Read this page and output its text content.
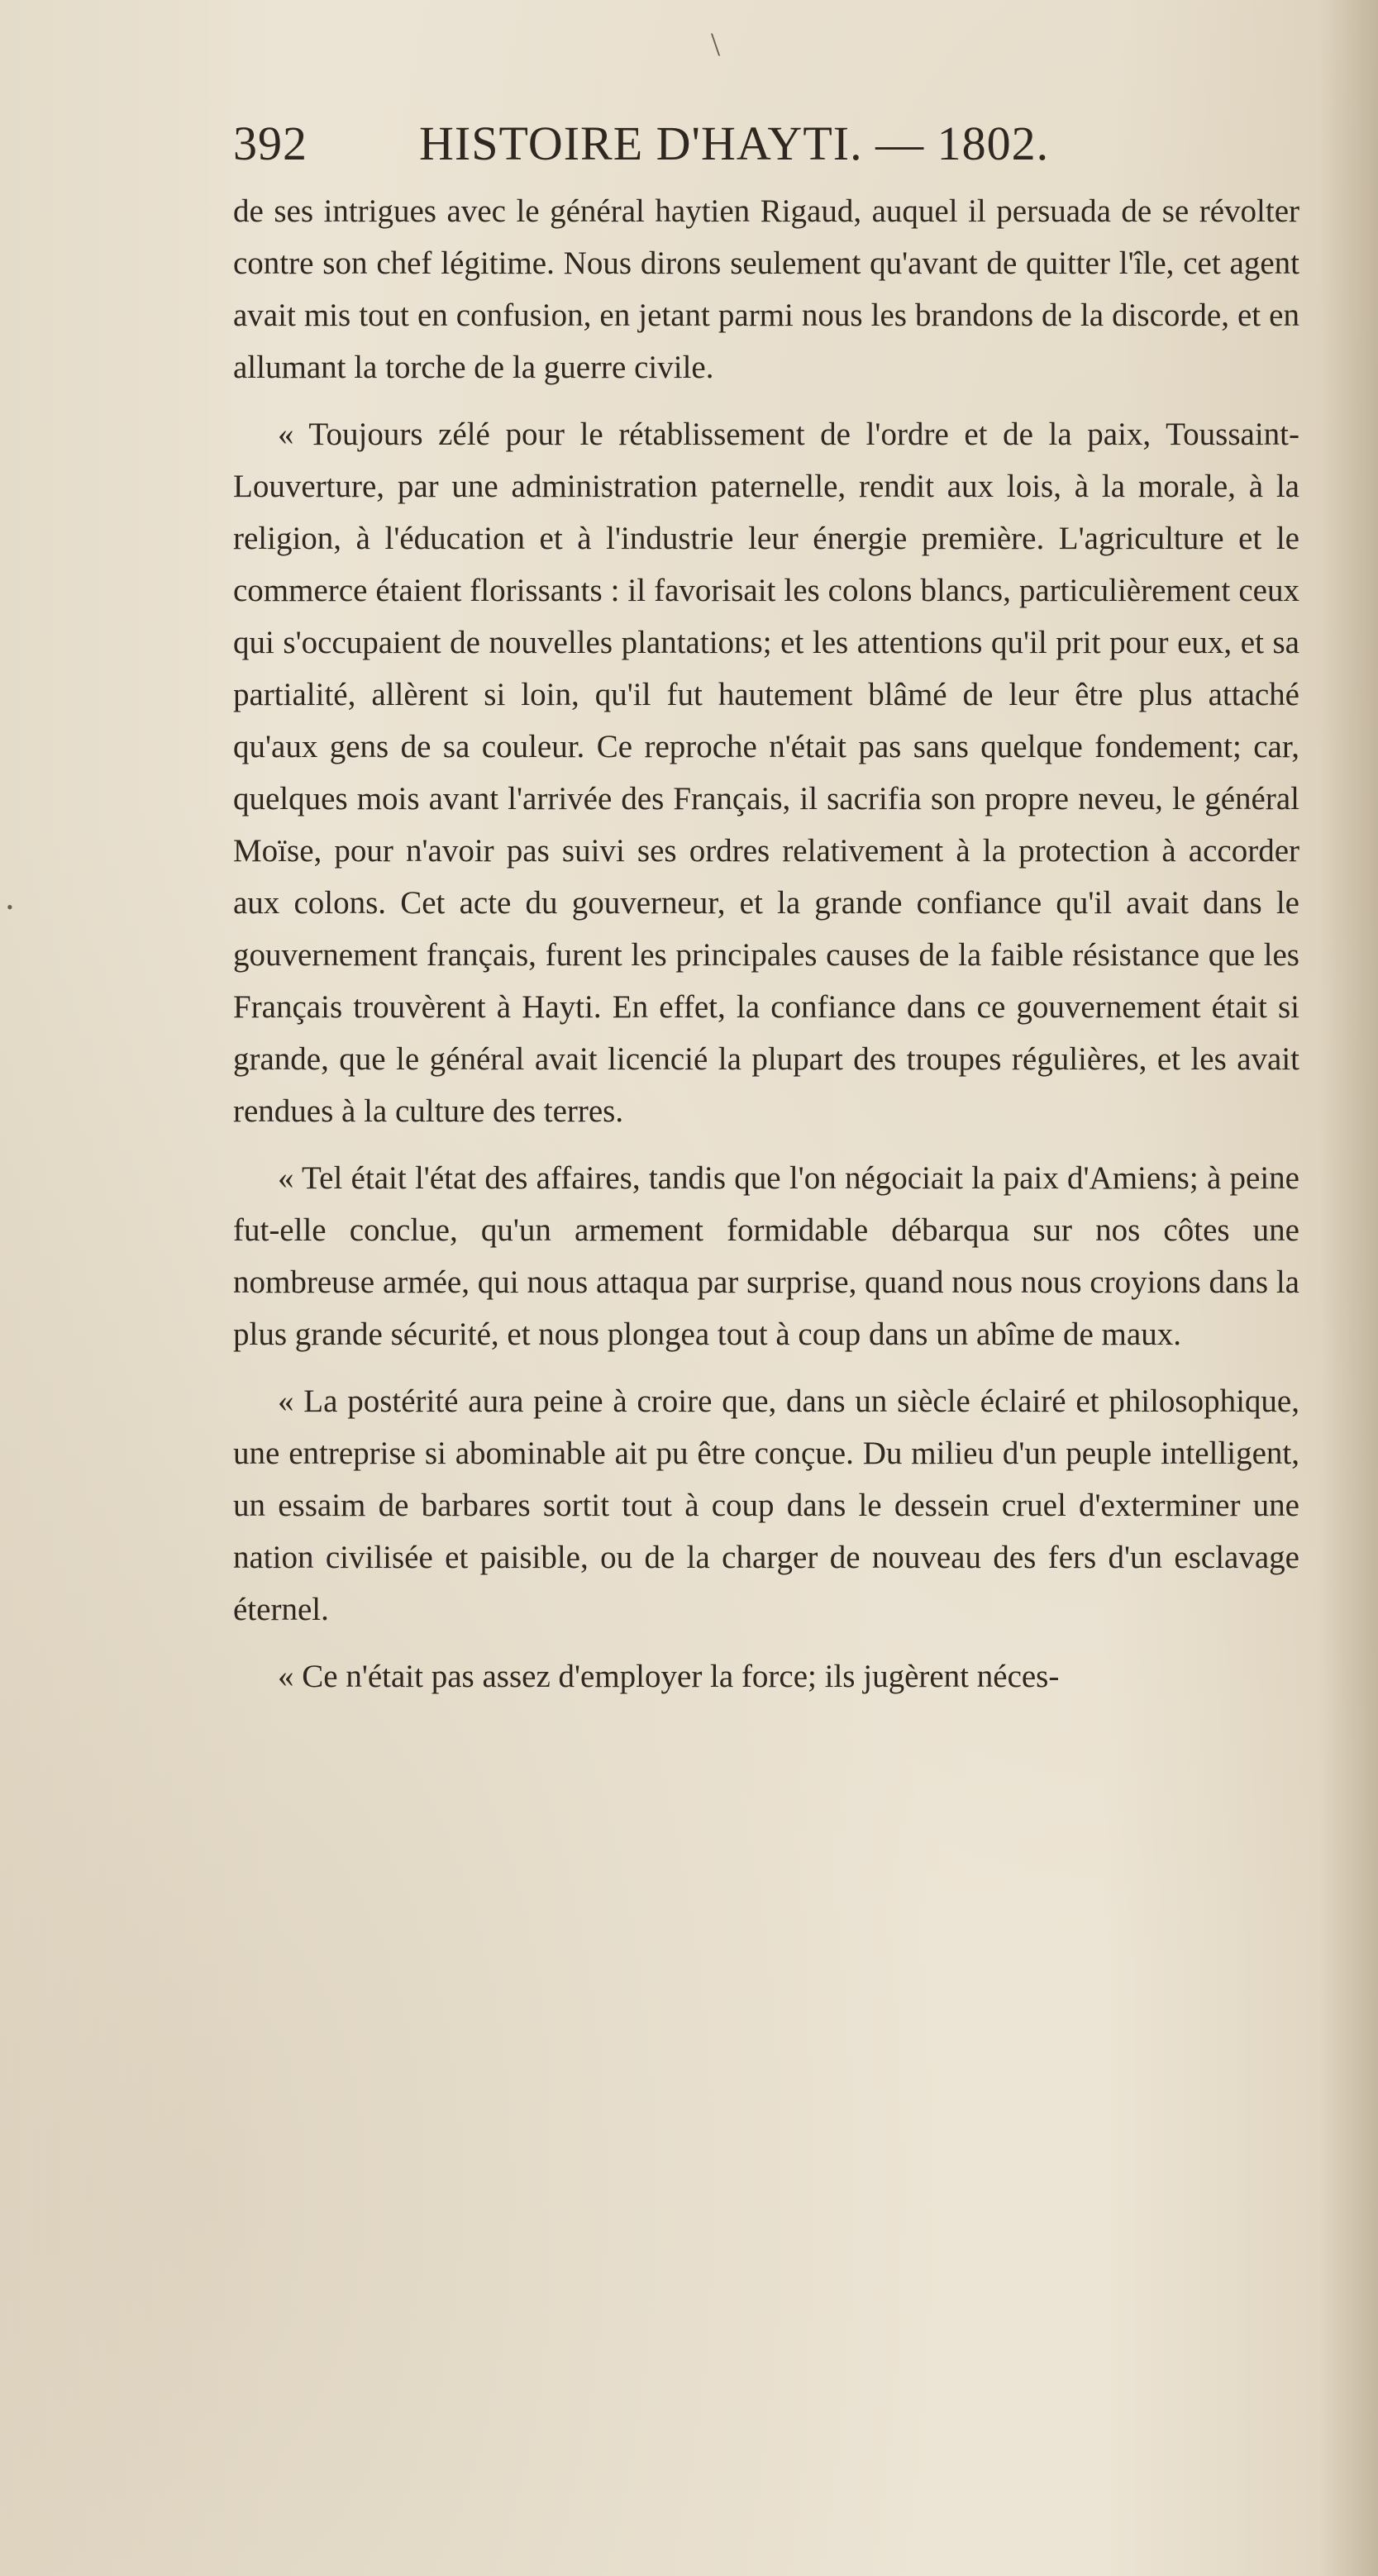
\
•
392 HISTOIRE D'HAYTI. — 1802.

de ses intrigues avec le général haytien Rigaud, auquel il persuada de se révolter contre son chef légitime. Nous dirons seulement qu'avant de quitter l'île, cet agent avait mis tout en confusion, en jetant parmi nous les brandons de la discorde, et en allumant la torche de la guerre civile.

« Toujours zélé pour le rétablissement de l'ordre et de la paix, Toussaint-Louverture, par une administration paternelle, rendit aux lois, à la morale, à la religion, à l'éducation et à l'industrie leur énergie première. L'agriculture et le commerce étaient florissants : il favorisait les colons blancs, particulièrement ceux qui s'occupaient de nouvelles plantations; et les attentions qu'il prit pour eux, et sa partialité, allèrent si loin, qu'il fut hautement blâmé de leur être plus attaché qu'aux gens de sa couleur. Ce reproche n'était pas sans quelque fondement; car, quelques mois avant l'arrivée des Français, il sacrifia son propre neveu, le général Moïse, pour n'avoir pas suivi ses ordres relativement à la protection à accorder aux colons. Cet acte du gouverneur, et la grande confiance qu'il avait dans le gouvernement français, furent les principales causes de la faible résistance que les Français trouvèrent à Hayti. En effet, la confiance dans ce gouvernement était si grande, que le général avait licencié la plupart des troupes régulières, et les avait rendues à la culture des terres.

« Tel était l'état des affaires, tandis que l'on négociait la paix d'Amiens; à peine fut-elle conclue, qu'un armement formidable débarqua sur nos côtes une nombreuse armée, qui nous attaqua par surprise, quand nous nous croyions dans la plus grande sécurité, et nous plongea tout à coup dans un abîme de maux.

« La postérité aura peine à croire que, dans un siècle éclairé et philosophique, une entreprise si abominable ait pu être conçue. Du milieu d'un peuple intelligent, un essaim de barbares sortit tout à coup dans le dessein cruel d'exterminer une nation civilisée et paisible, ou de la charger de nouveau des fers d'un esclavage éternel.

« Ce n'était pas assez d'employer la force; ils jugèrent néces-
